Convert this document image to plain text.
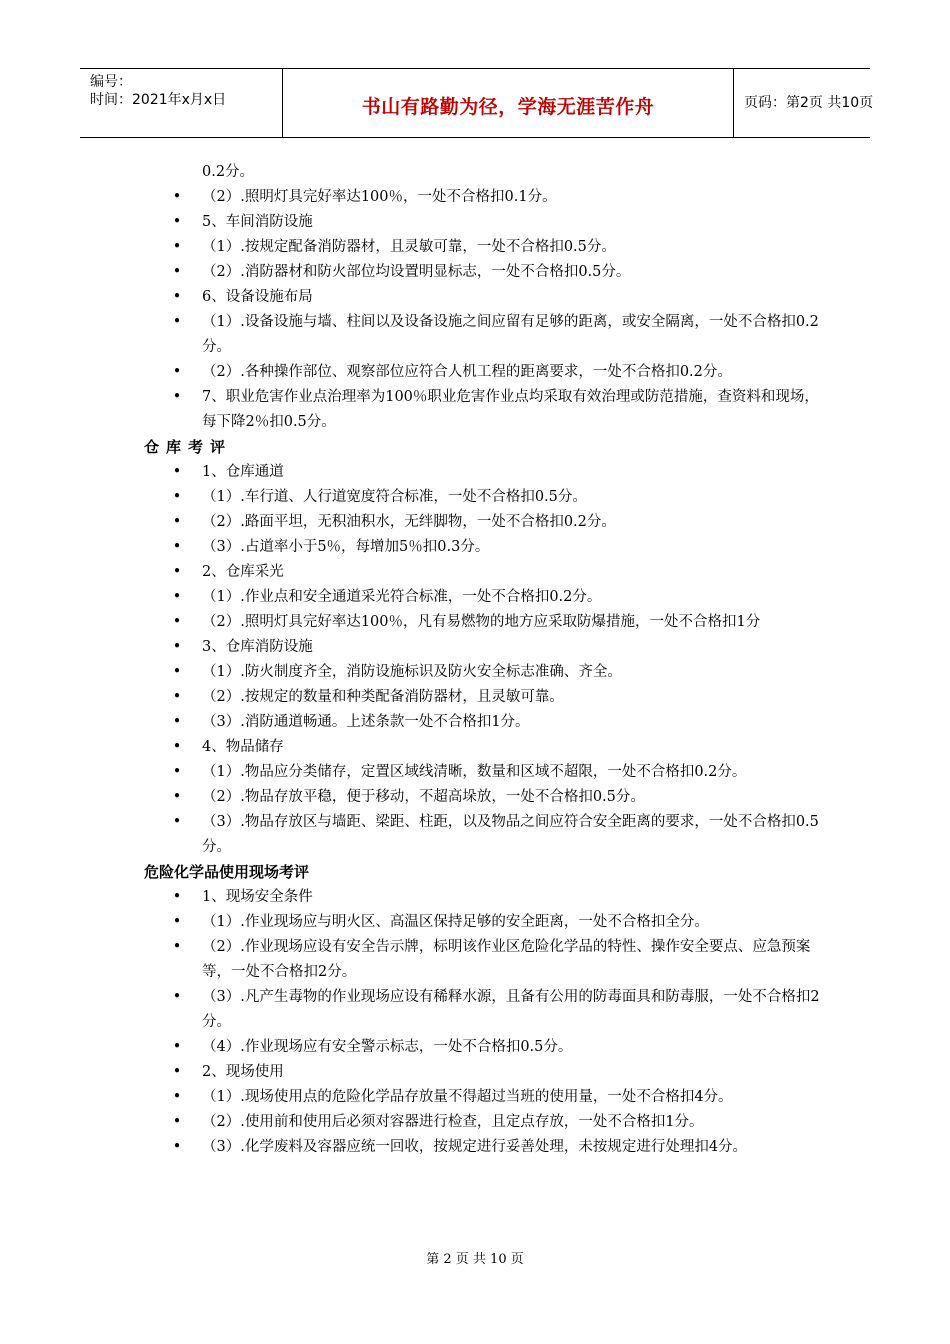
编号：
时间：2021年x月x日	书山有路勤为径，学海无涯苦作舟	页码：第2页 共10页
0.2分。
• （2）.照明灯具完好率达100％，一处不合格扣0.1分。
• 5、车间消防设施
• （1）.按规定配备消防器材，且灵敏可靠，一处不合格扣0.5分。
• （2）.消防器材和防火部位均设置明显标志，一处不合格扣0.5分。
• 6、设备设施布局
• （1）.设备设施与墙、柱间以及设备设施之间应留有足够的距离，或安全隔离，一处不合格扣0.2分。
• （2）.各种操作部位、观察部位应符合人机工程的距离要求，一处不合格扣0.2分。
• 7、职业危害作业点治理率为100％职业危害作业点均采取有效治理或防范措施，查资料和现场，每下降2％扣0.5分。
仓库考评
• 1、仓库通道
• （1）.车行道、人行道宽度符合标准，一处不合格扣0.5分。
• （2）.路面平坦，无积油积水，无绊脚物，一处不合格扣0.2分。
• （3）.占道率小于5％，每增加5％扣0.3分。
• 2、仓库采光
• （1）.作业点和安全通道采光符合标准，一处不合格扣0.2分。
• （2）.照明灯具完好率达100％，凡有易燃物的地方应采取防爆措施，一处不合格扣1分
• 3、仓库消防设施
• （1）.防火制度齐全，消防设施标识及防火安全标志准确、齐全。
• （2）.按规定的数量和种类配备消防器材，且灵敏可靠。
• （3）.消防通道畅通。上述条款一处不合格扣1分。
• 4、物品储存
• （1）.物品应分类储存，定置区域线清晰，数量和区域不超限，一处不合格扣0.2分。
• （2）.物品存放平稳，便于移动，不超高垛放，一处不合格扣0.5分。
• （3）.物品存放区与墙距、梁距、柱距，以及物品之间应符合安全距离的要求，一处不合格扣0.5分。
危险化学品使用现场考评
• 1、现场安全条件
• （1）.作业现场应与明火区、高温区保持足够的安全距离，一处不合格扣全分。
• （2）.作业现场应设有安全告示牌，标明该作业区危险化学品的特性、操作安全要点、应急预案等，一处不合格扣2分。
• （3）.凡产生毒物的作业现场应设有稀释水源，且备有公用的防毒面具和防毒服，一处不合格扣2分。
• （4）.作业现场应有安全警示标志，一处不合格扣0.5分。
• 2、现场使用
• （1）.现场使用点的危险化学品存放量不得超过当班的使用量，一处不合格扣4分。
• （2）.使用前和使用后必须对容器进行检查，且定点存放，一处不合格扣1分。
• （3）.化学废料及容器应统一回收，按规定进行妥善处理，未按规定进行处理扣4分。
第 2 页 共 10 页
